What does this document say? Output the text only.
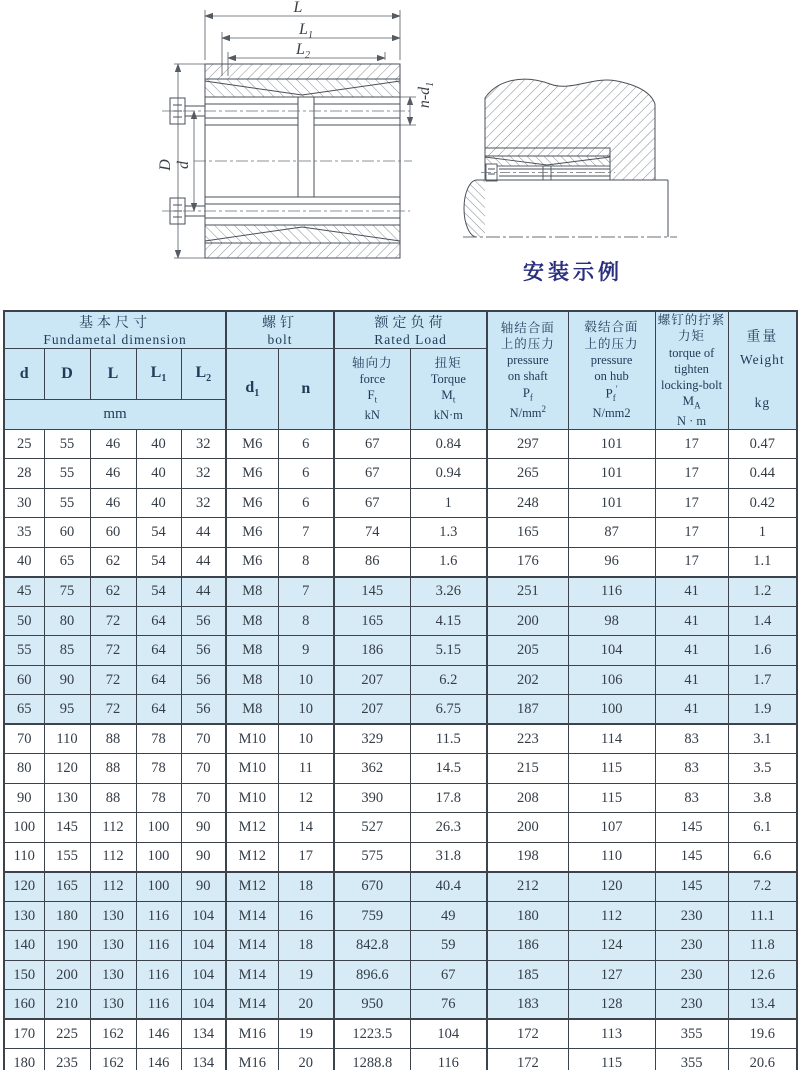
L
$L_1$
$L_2$
$n-d_1$
D d
安装示例
基本尺寸
Fundametal dimension

螺钉
bolt

额定负荷
Rated Load

轴结合面
上的压力
pressure
on shaft
$P_f$
$N/mm^2$

毂结合面
上的压力
pressure
on hub
$P_f'$
N/mm2

螺钉的拧紧
力矩
torque of
tighten
locking-bolt
$M_A$
N · m

重量
Weight
kg

d	D	L	$L_1$	$L_2$	$d_1$	n	
轴向力
force
$F_t$
kN

扭矩
Torque
$M_t$
kN·m

mm												
25	55	46	40	32	M6	6	67	0.84	297	101	17	0.47
28	55	46	40	32	M6	6	67	0.94	265	101	17	0.44
30	55	46	40	32	M6	6	67	1	248	101	17	0.42
35	60	60	54	44	M6	7	74	1.3	165	87	17	1
40	65	62	54	44	M6	8	86	1.6	176	96	17	1.1
45	75	62	54	44	M8	7	145	3.26	251	116	41	1.2
50	80	72	64	56	M8	8	165	4.15	200	98	41	1.4
55	85	72	64	56	M8	9	186	5.15	205	104	41	1.6
60	90	72	64	56	M8	10	207	6.2	202	106	41	1.7
65	95	72	64	56	M8	10	207	6.75	187	100	41	1.9
70	110	88	78	70	M10	10	329	11.5	223	114	83	3.1
80	120	88	78	70	M10	11	362	14.5	215	115	83	3.5
90	130	88	78	70	M10	12	390	17.8	208	115	83	3.8
100	145	112	100	90	M12	14	527	26.3	200	107	145	6.1
110	155	112	100	90	M12	17	575	31.8	198	110	145	6.6
120	165	112	100	90	M12	18	670	40.4	212	120	145	7.2
130	180	130	116	104	M14	16	759	49	180	112	230	11.1
140	190	130	116	104	M14	18	842.8	59	186	124	230	11.8
150	200	130	116	104	M14	19	896.6	67	185	127	230	12.6
160	210	130	116	104	M14	20	950	76	183	128	230	13.4
170	225	162	146	134	M16	19	1223.5	104	172	113	355	19.6
180	235	162	146	134	M16	20	1288.8	116	172	115	355	20.6
